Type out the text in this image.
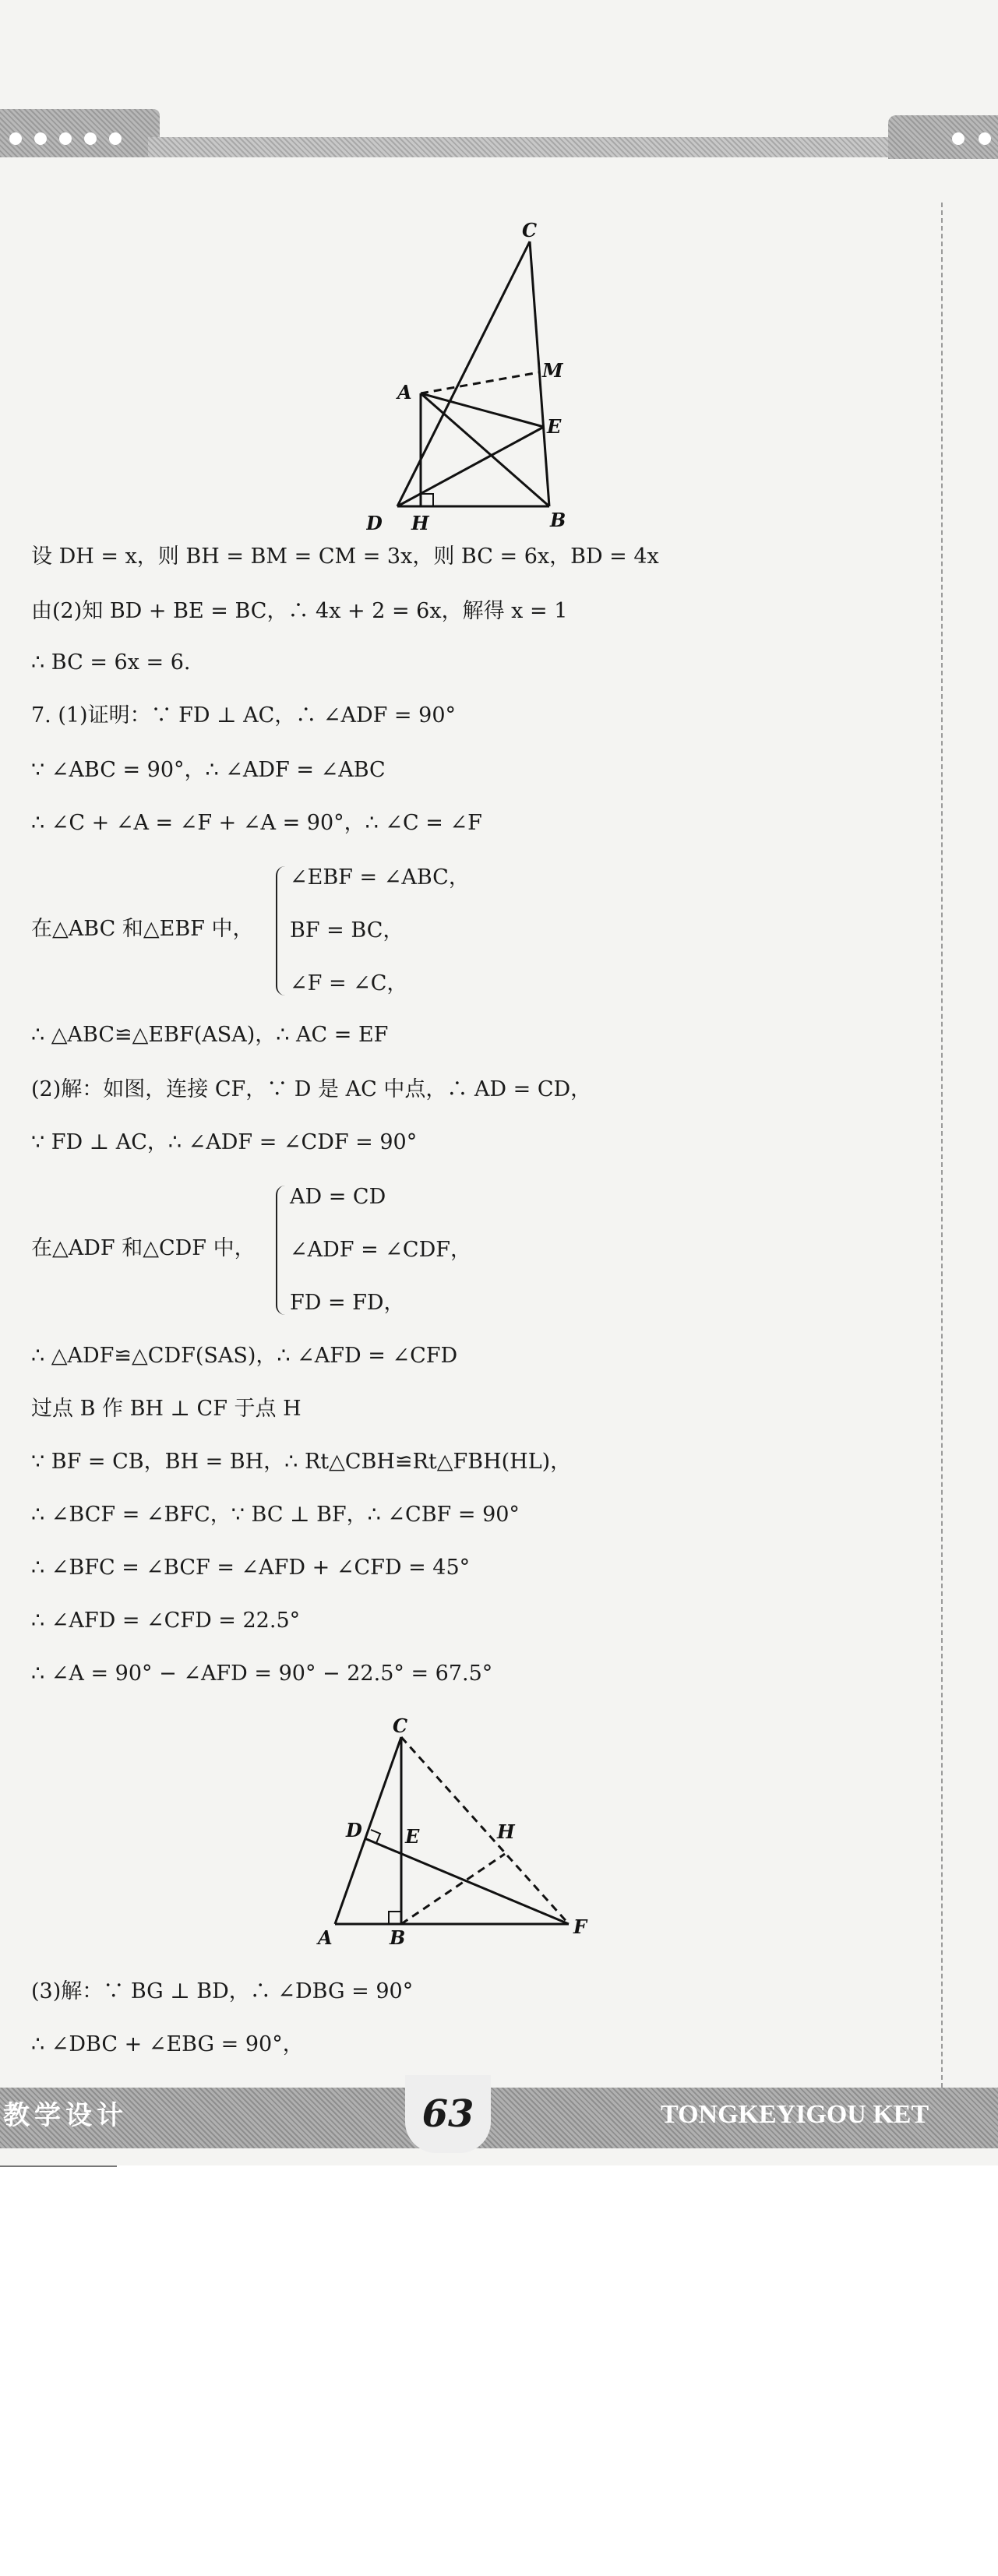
C
A
M
E
D H	B
设 DH = x，则 BH = BM = CM = 3x，则 BC = 6x，BD = 4x
由(2)知 BD + BE = BC，∴ 4x + 2 = 6x，解得 x = 1
∴ BC = 6x = 6.
7. (1)证明：∵ FD ⊥ AC，∴ ∠ADF = 90°
∵ ∠ABC = 90°，∴ ∠ADF = ∠ABC
∴ ∠C + ∠A = ∠F + ∠A = 90°，∴ ∠C = ∠F
在△ABC 和△EBF 中，
∠EBF = ∠ABC，
BF = BC，
∠F = ∠C，
∴ △ABC≌△EBF(ASA)，∴ AC = EF
(2)解：如图，连接 CF，∵ D 是 AC 中点，∴ AD = CD，
∵ FD ⊥ AC，∴ ∠ADF = ∠CDF = 90°
在△ADF 和△CDF 中，
AD = CD
∠ADF = ∠CDF，
FD = FD，
∴ △ADF≌△CDF(SAS)，∴ ∠AFD = ∠CFD
过点 B 作 BH ⊥ CF 于点 H
∵ BF = CB，BH = BH，∴ Rt△CBH≌Rt△FBH(HL)，
∴ ∠BCF = ∠BFC，∵ BC ⊥ BF，∴ ∠CBF = 90°
∴ ∠BFC = ∠BCF = ∠AFD + ∠CFD = 45°
∴ ∠AFD = ∠CFD = 22.5°
∴ ∠A = 90° − ∠AFD = 90° − 22.5° = 67.5°
C
D E	H
A	B	F
(3)解：∵ BG ⊥ BD，∴ ∠DBG = 90°
∴ ∠DBC + ∠EBG = 90°，
教学设计	63	TONGKEYIGOU KET
